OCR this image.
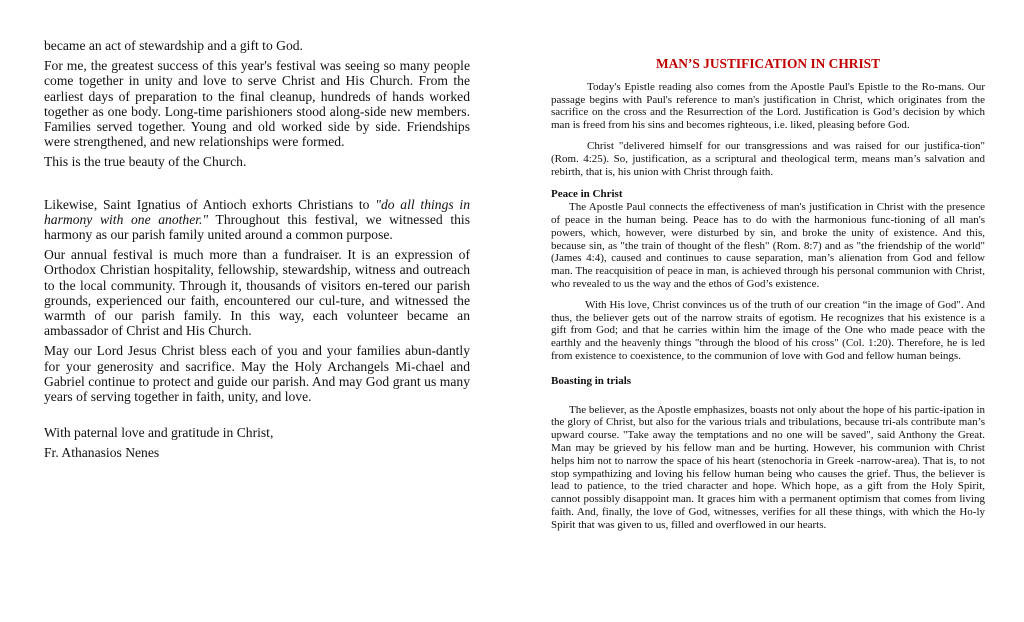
became an act of stewardship and a gift to God.

For me, the greatest success of this year's festival was seeing so many people come together in unity and love to serve Christ and His Church. From the earliest days of preparation to the final cleanup, hundreds of hands worked together as one body. Long-time parishioners stood along-side new members. Families served together. Young and old worked side by side. Friendships were strengthened, and new relationships were formed.

This is the true beauty of the Church.

Likewise, Saint Ignatius of Antioch exhorts Christians to "do all things in harmony with one another." Throughout this festival, we witnessed this harmony as our parish family united around a common purpose.

Our annual festival is much more than a fundraiser. It is an expression of Orthodox Christian hospitality, fellowship, stewardship, witness and outreach to the local community. Through it, thousands of visitors en-tered our parish grounds, experienced our faith, encountered our cul-ture, and witnessed the warmth of our parish family. In this way, each volunteer became an ambassador of Christ and His Church.

May our Lord Jesus Christ bless each of you and your families abun-dantly for your generosity and sacrifice. May the Holy Archangels Mi-chael and Gabriel continue to protect and guide our parish. And may God grant us many years of serving together in faith, unity, and love.

With paternal love and gratitude in Christ,

Fr. Athanasios Nenes

MAN’S JUSTIFICATION IN CHRIST

Today's Epistle reading also comes from the Apostle Paul's Epistle to the Ro-mans. Our passage begins with Paul's reference to man's justification in Christ, which originates from the sacrifice on the cross and the Resurrection of the Lord. Justification is God’s decision by which man is freed from his sins and becomes righteous, i.e. liked, pleasing before God.

Christ "delivered himself for our transgressions and was raised for our justifica-tion" (Rom. 4:25). So, justification, as a scriptural and theological term, means man’s salvation and rebirth, that is, his union with Christ through faith.

Peace in Christ

The Apostle Paul connects the effectiveness of man's justification in Christ with the presence of peace in the human being. Peace has to do with the harmonious func-tioning of all man's powers, which, however, were disturbed by sin, and broke the unity of existence. And this, because sin, as "the train of thought of the flesh" (Rom. 8:7) and as "the friendship of the world" (James 4:4), caused and continues to cause separation, man’s alienation from God and fellow man. The reacquisition of peace in man, is achieved through his personal communion with Christ, who revealed to us the way and the ethos of God’s existence.

With His love, Christ convinces us of the truth of our creation “in the image of God". And thus, the believer gets out of the narrow straits of egotism. He recognizes that his existence is a gift from God; and that he carries within him the image of the One who made peace with the earthly and the heavenly things "through the blood of his cross" (Col. 1:20). Therefore, he is led from existence to coexistence, to the communion of love with God and fellow human beings.

Boasting in trials

The believer, as the Apostle emphasizes, boasts not only about the hope of his partic-ipation in the glory of Christ, but also for the various trials and tribulations, because tri-als contribute man’s upward course. "Take away the temptations and no one will be saved", said Anthony the Great. Man may be grieved by his fellow man and be hurting. However, his communion with Christ helps him not to narrow the space of his heart (stenochoria in Greek -narrow-area). That is, to not stop sympathizing and loving his fellow human being who causes the grief. Thus, the believer is lead to patience, to the tried character and hope. Which hope, as a gift from the Holy Spirit, cannot possibly disappoint man. It graces him with a permanent optimism that comes from living faith. And, finally, the love of God, witnesses, verifies for all these things, with which the Ho-ly Spirit that was given to us, filled and overflowed in our hearts.
